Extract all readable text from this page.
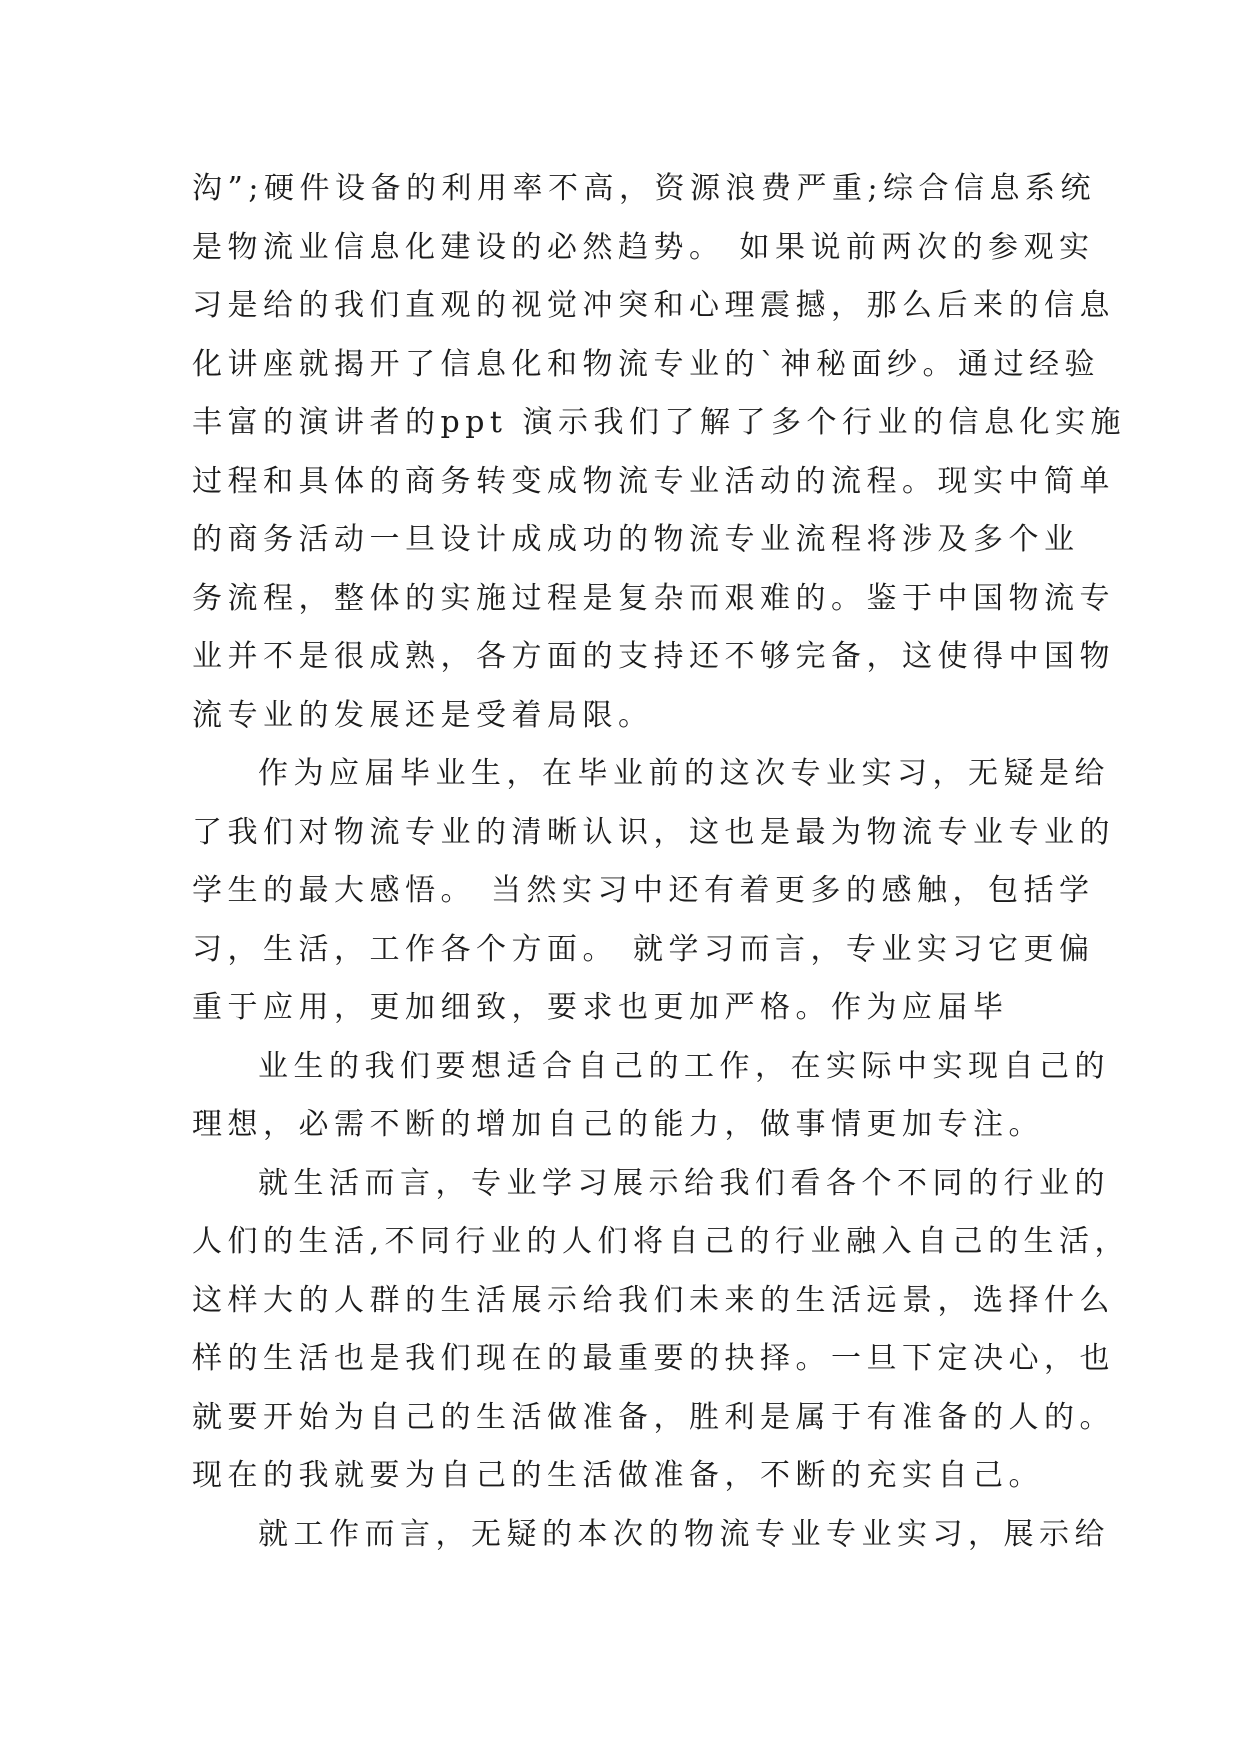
沟”;硬件设备的利用率不高，资源浪费严重;综合信息系统
是物流业信息化建设的必然趋势。 如果说前两次的参观实
习是给的我们直观的视觉冲突和心理震撼，那么后来的信息
化讲座就揭开了信息化和物流专业的`神秘面纱。通过经验
丰富的演讲者的ppt 演示我们了解了多个行业的信息化实施
过程和具体的商务转变成物流专业活动的流程。现实中简单
的商务活动一旦设计成成功的物流专业流程将涉及多个业
务流程，整体的实施过程是复杂而艰难的。鉴于中国物流专
业并不是很成熟，各方面的支持还不够完备，这使得中国物
流专业的发展还是受着局限。
作为应届毕业生，在毕业前的这次专业实习，无疑是给
了我们对物流专业的清晰认识，这也是最为物流专业专业的
学生的最大感悟。 当然实习中还有着更多的感触，包括学
习，生活，工作各个方面。 就学习而言，专业实习它更偏
重于应用，更加细致，要求也更加严格。作为应届毕
业生的我们要想适合自己的工作，在实际中实现自己的
理想，必需不断的增加自己的能力，做事情更加专注。
就生活而言，专业学习展示给我们看各个不同的行业的
人们的生活,不同行业的人们将自己的行业融入自己的生活，
这样大的人群的生活展示给我们未来的生活远景，选择什么
样的生活也是我们现在的最重要的抉择。一旦下定决心，也
就要开始为自己的生活做准备，胜利是属于有准备的人的。
现在的我就要为自己的生活做准备，不断的充实自己。
就工作而言，无疑的本次的物流专业专业实习，展示给
